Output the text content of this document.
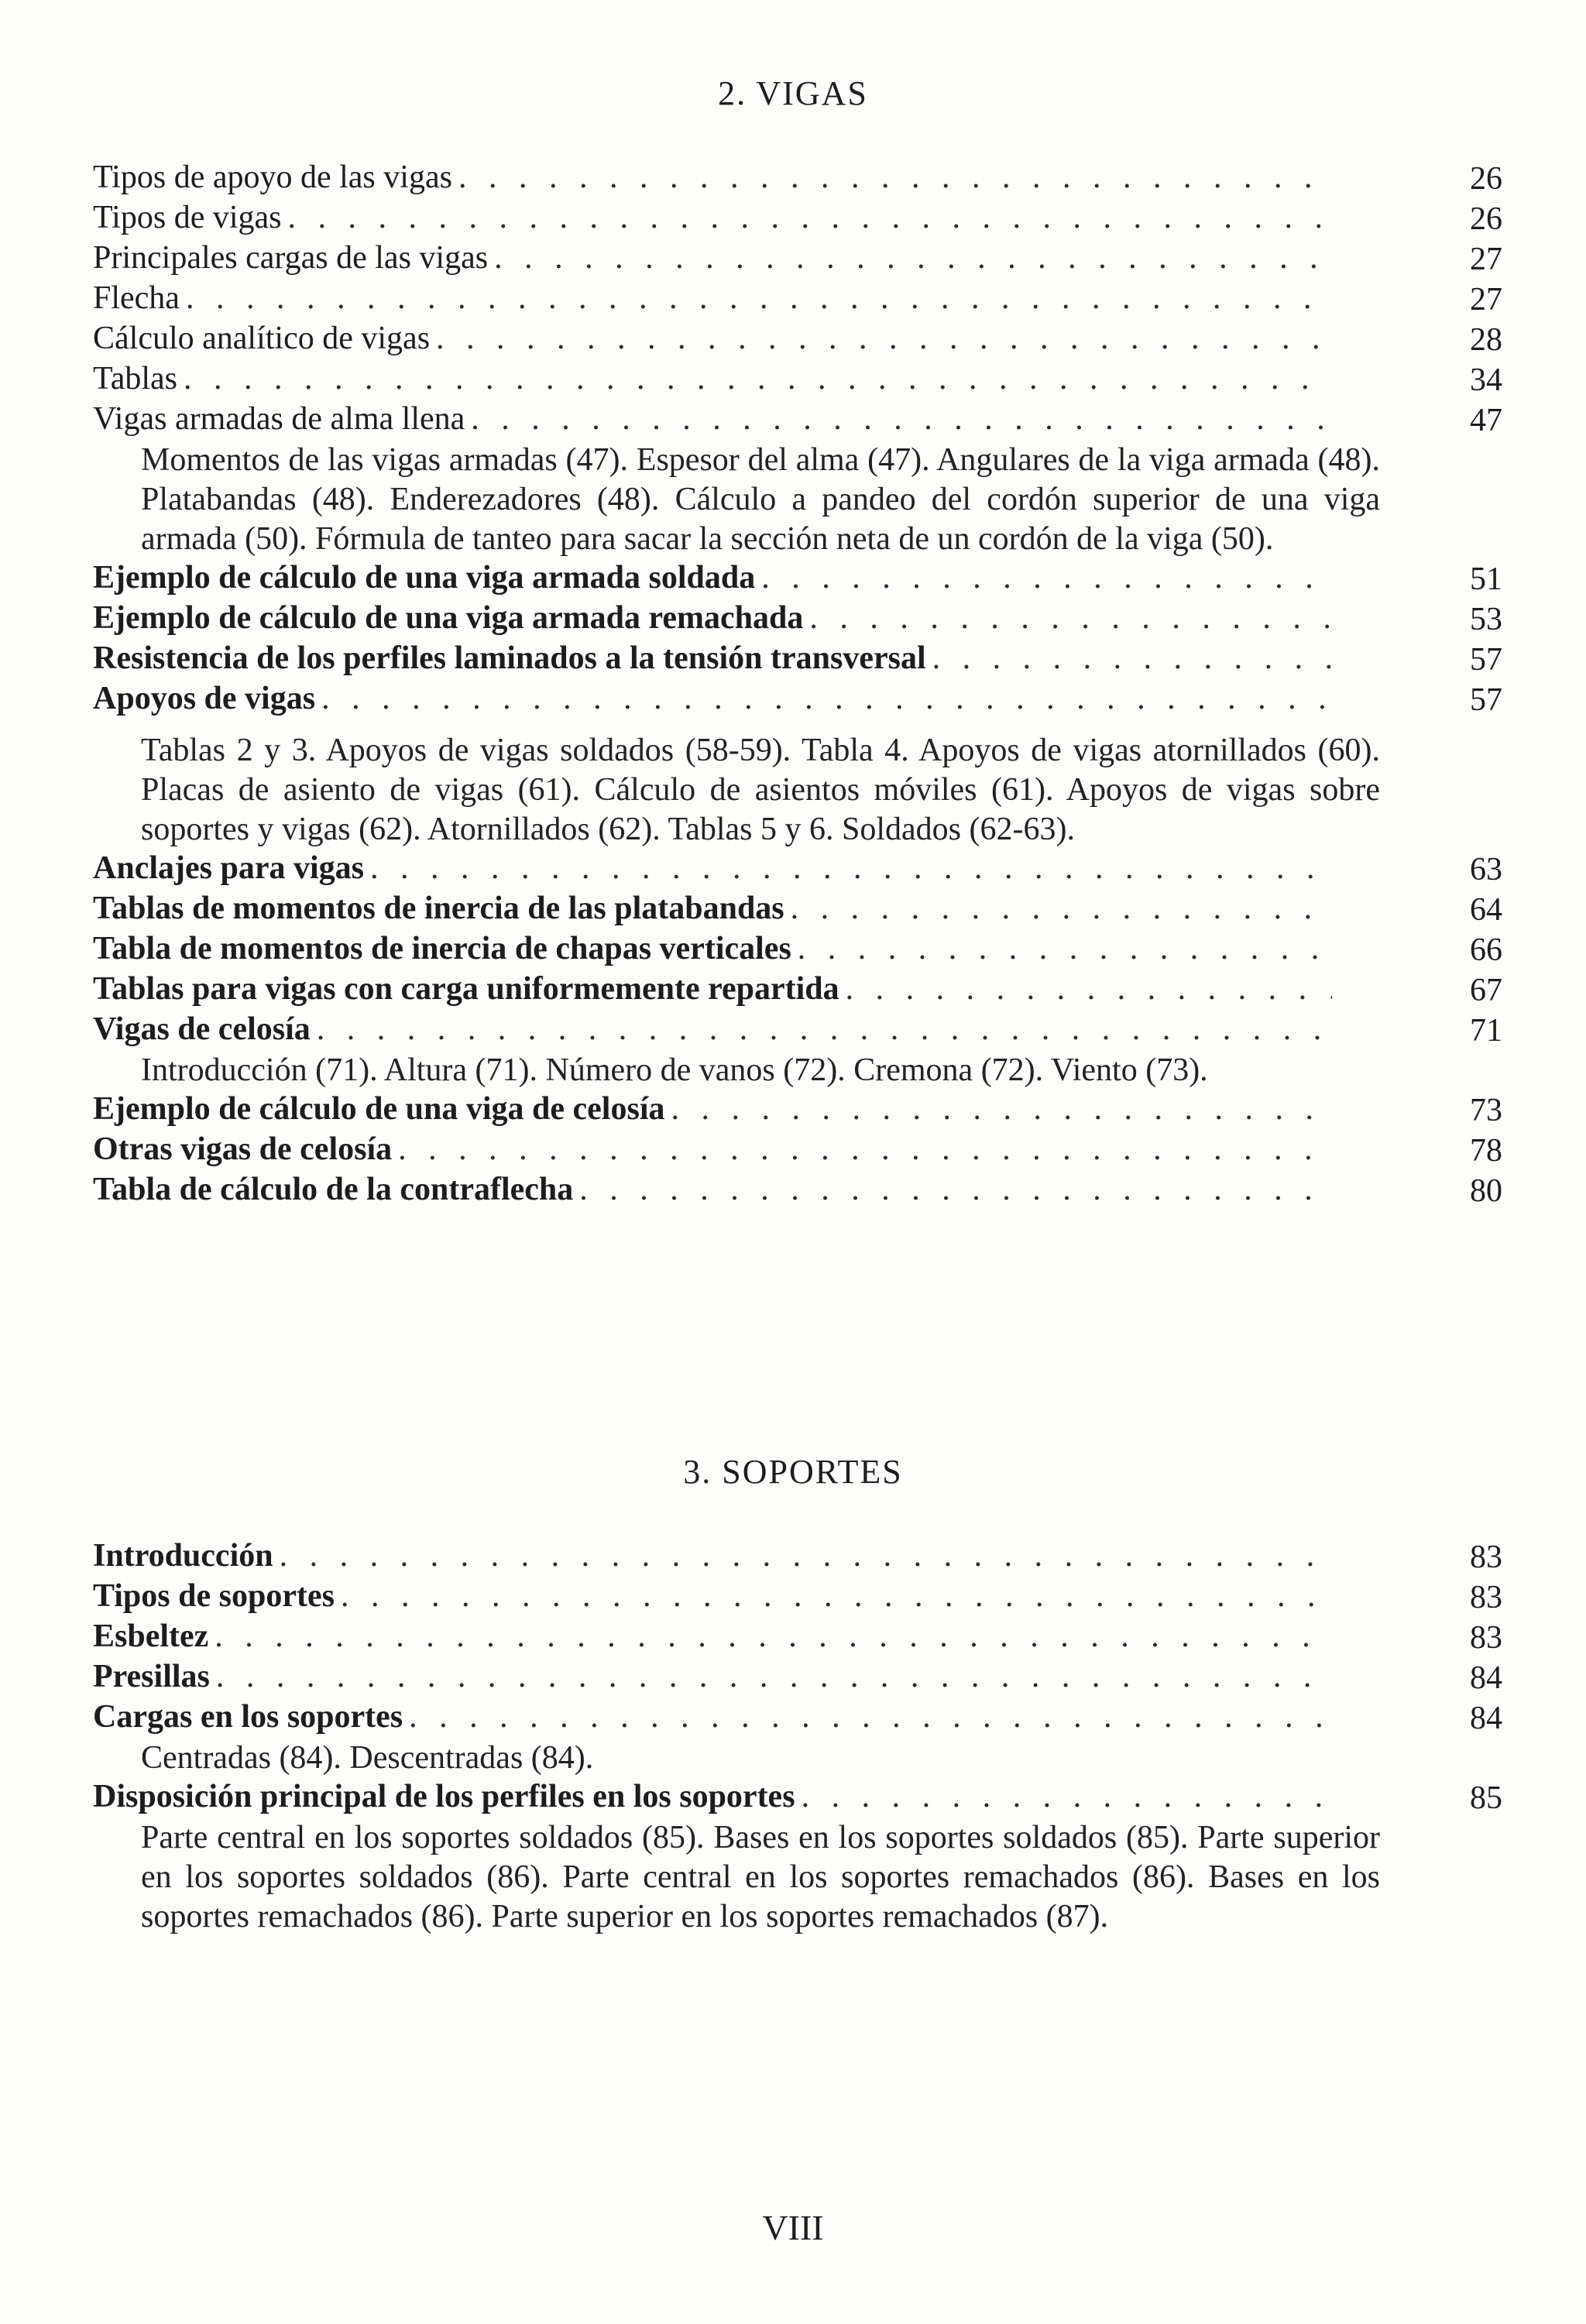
2. VIGAS
Tipos de apoyo de las vigas . . .	26
Tipos de vigas . . .	26
Principales cargas de las vigas . . .	27
Flecha . . .	27
Cálculo analítico de vigas . . .	28
Tablas . . .	34
Vigas armadas de alma llena . . .	47
Momentos de las vigas armadas (47). Espesor del alma (47). Angulares de la viga armada (48). Platabandas (48). Enderezadores (48). Cálculo a pandeo del cordón superior de una viga armada (50). Fórmula de tanteo para sacar la sección neta de un cordón de la viga (50).
Ejemplo de cálculo de una viga armada soldada . . .	51
Ejemplo de cálculo de una viga armada remachada . . .	53
Resistencia de los perfiles laminados a la tensión transversal . . .	57
Apoyos de vigas . . .	57
Tablas 2 y 3. Apoyos de vigas soldados (58-59). Tabla 4. Apoyos de vigas atornillados (60). Placas de asiento de vigas (61). Cálculo de asientos móviles (61). Apoyos de vigas sobre soportes y vigas (62). Atornillados (62). Tablas 5 y 6. Soldados (62-63).
Anclajes para vigas . . .	63
Tablas de momentos de inercia de las platabandas . . .	64
Tabla de momentos de inercia de chapas verticales . . .	66
Tablas para vigas con carga uniformemente repartida . . .	67
Vigas de celosía . . .	71
Introducción (71). Altura (71). Número de vanos (72). Cremona (72). Viento (73).
Ejemplo de cálculo de una viga de celosía . . .	73
Otras vigas de celosía . . .	78
Tabla de cálculo de la contraflecha . . .	80
3. SOPORTES
Introducción . . .	83
Tipos de soportes . . .	83
Esbeltez . . .	83
Presillas . . .	84
Cargas en los soportes . . .	84
Centradas (84). Descentradas (84).
Disposición principal de los perfiles en los soportes . . .	85
Parte central en los soportes soldados (85). Bases en los soportes soldados (85). Parte superior en los soportes soldados (86). Parte central en los soportes remachados (86). Bases en los soportes remachados (86). Parte superior en los soportes remachados (87).
VIII
